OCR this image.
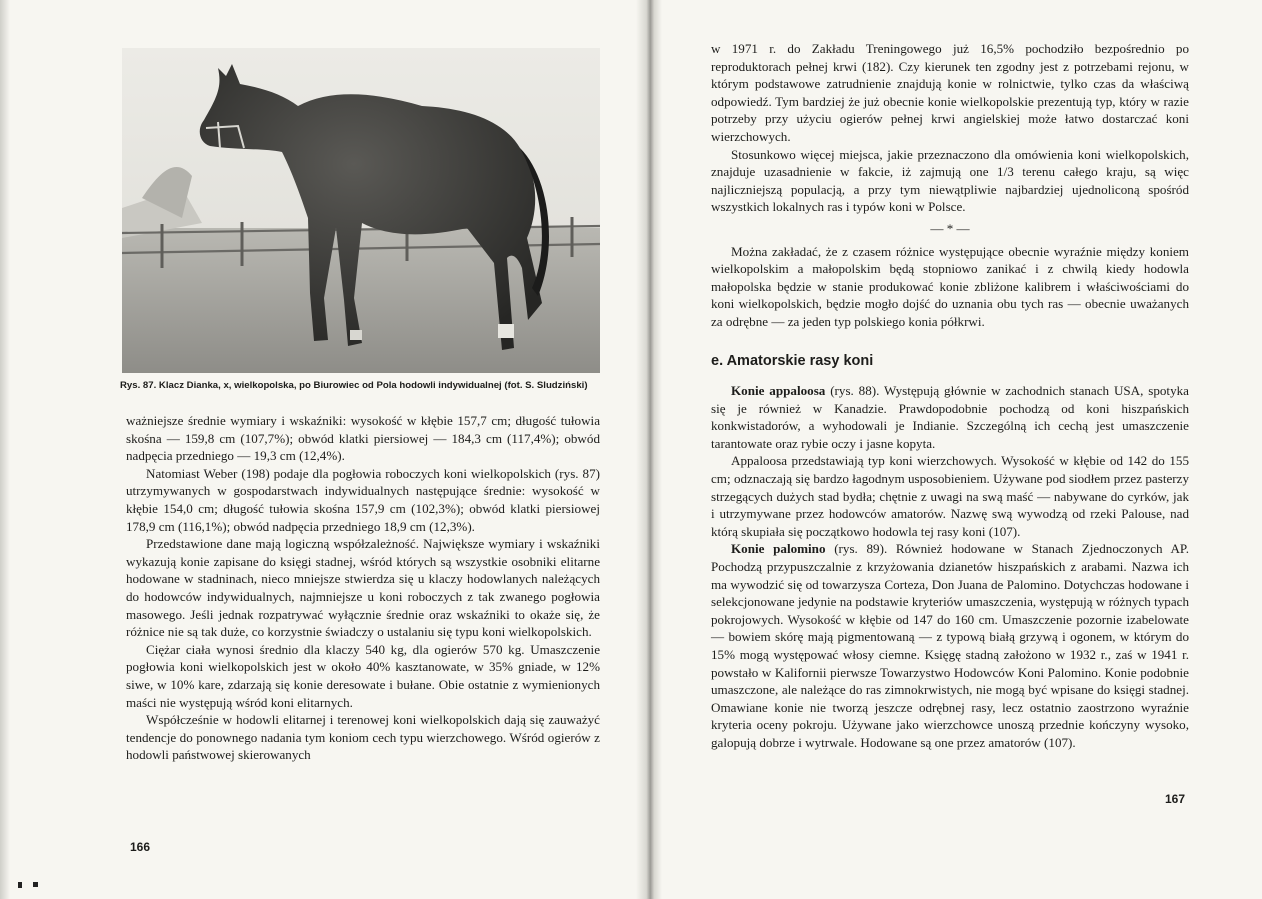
Rys. 87. Klacz Dianka, x, wielkopolska, po Biurowiec od Pola hodowli indywidualnej (fot. S. Sludziński)

ważniejsze średnie wymiary i wskaźniki: wysokość w kłębie 157,7 cm; długość tułowia skośna — 159,8 cm (107,7%); obwód klatki piersiowej — 184,3 cm (117,4%); obwód nadpęcia przedniego — 19,3 cm (12,4%).

Natomiast Weber (198) podaje dla pogłowia roboczych koni wielkopolskich (rys. 87) utrzymywanych w gospodarstwach indywidualnych następujące średnie: wysokość w kłębie 154,0 cm; długość tułowia skośna 157,9 cm (102,3%); obwód klatki piersiowej 178,9 cm (116,1%); obwód nadpęcia przedniego 18,9 cm (12,3%).

Przedstawione dane mają logiczną współzależność. Największe wymiary i wskaźniki wykazują konie zapisane do księgi stadnej, wśród których są wszystkie osobniki elitarne hodowane w stadninach, nieco mniejsze stwierdza się u klaczy hodowlanych należących do hodowców indywidualnych, najmniejsze u koni roboczych z tak zwanego pogłowia masowego. Jeśli jednak rozpatrywać wyłącznie średnie oraz wskaźniki to okaże się, że różnice nie są tak duże, co korzystnie świadczy o ustalaniu się typu koni wielkopolskich.

Ciężar ciała wynosi średnio dla klaczy 540 kg, dla ogierów 570 kg. Umaszczenie pogłowia koni wielkopolskich jest w około 40% kasztanowate, w 35% gniade, w 12% siwe, w 10% kare, zdarzają się konie deresowate i bułane. Obie ostatnie z wymienionych maści nie występują wśród koni elitarnych.

Współcześnie w hodowli elitarnej i terenowej koni wielkopolskich dają się zauważyć tendencje do ponownego nadania tym koniom cech typu wierzchowego. Wśród ogierów z hodowli państwowej skierowanych

166

w 1971 r. do Zakładu Treningowego już 16,5% pochodziło bezpośrednio po reproduktorach pełnej krwi (182). Czy kierunek ten zgodny jest z potrzebami rejonu, w którym podstawowe zatrudnienie znajdują konie w rolnictwie, tylko czas da właściwą odpowiedź. Tym bardziej że już obecnie konie wielkopolskie prezentują typ, który w razie potrzeby przy użyciu ogierów pełnej krwi angielskiej może łatwo dostarczać koni wierzchowych.

Stosunkowo więcej miejsca, jakie przeznaczono dla omówienia koni wielkopolskich, znajduje uzasadnienie w fakcie, iż zajmują one 1/3 terenu całego kraju, są więc najliczniejszą populacją, a przy tym niewątpliwie najbardziej ujednoliconą spośród wszystkich lokalnych ras i typów koni w Polsce.

— * —

Można zakładać, że z czasem różnice występujące obecnie wyraźnie między koniem wielkopolskim a małopolskim będą stopniowo zanikać i z chwilą kiedy hodowla małopolska będzie w stanie produkować konie zbliżone kalibrem i właściwościami do koni wielkopolskich, będzie mogło dojść do uznania obu tych ras — obecnie uważanych za odrębne — za jeden typ polskiego konia półkrwi.

e. Amatorskie rasy koni

Konie appaloosa (rys. 88). Występują głównie w zachodnich stanach USA, spotyka się je również w Kanadzie. Prawdopodobnie pochodzą od koni hiszpańskich konkwistadorów, a wyhodowali je Indianie. Szczególną ich cechą jest umaszczenie tarantowate oraz rybie oczy i jasne kopyta.

Appaloosa przedstawiają typ koni wierzchowych. Wysokość w kłębie od 142 do 155 cm; odznaczają się bardzo łagodnym usposobieniem. Używane pod siodłem przez pasterzy strzegących dużych stad bydła; chętnie z uwagi na swą maść — nabywane do cyrków, jak i utrzymywane przez hodowców amatorów. Nazwę swą wywodzą od rzeki Palouse, nad którą skupiała się początkowo hodowla tej rasy koni (107).

Konie palomino (rys. 89). Również hodowane w Stanach Zjednoczonych AP. Pochodzą przypuszczalnie z krzyżowania dzianetów hiszpańskich z arabami. Nazwa ich ma wywodzić się od towarzysza Corteza, Don Juana de Palomino. Dotychczas hodowane i selekcjonowane jedynie na podstawie kryteriów umaszczenia, występują w różnych typach pokrojowych. Wysokość w kłębie od 147 do 160 cm. Umaszczenie pozornie izabelowate — bowiem skórę mają pigmentowaną — z typową białą grzywą i ogonem, w którym do 15% mogą występować włosy ciemne. Księgę stadną założono w 1932 r., zaś w 1941 r. powstało w Kalifornii pierwsze Towarzystwo Hodowców Koni Palomino. Konie podobnie umaszczone, ale należące do ras zimnokrwistych, nie mogą być wpisane do księgi stadnej. Omawiane konie nie tworzą jeszcze odrębnej rasy, lecz ostatnio zaostrzono wyraźnie kryteria oceny pokroju. Używane jako wierzchowce unoszą przednie kończyny wysoko, galopują dobrze i wytrwale. Hodowane są one przez amatorów (107).

167
